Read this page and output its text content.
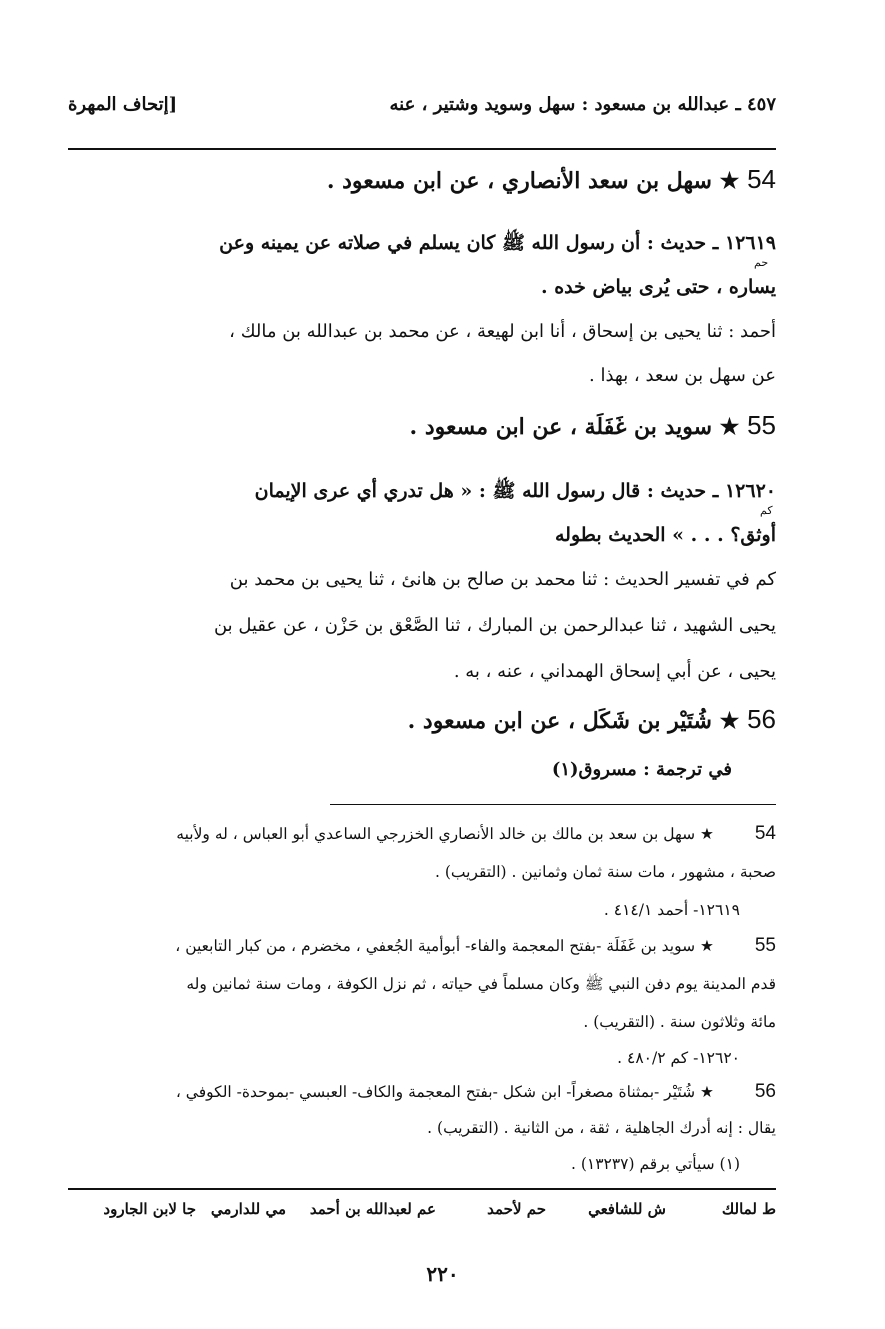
٤٥٧ ـ عبدالله بن مسعود : سهل وسويد وشتير ، عنه
[إتحاف المهرة
54 ★ سهل بن سعد الأنصاري ، عن ابن مسعود .
١٢٦١٩ ـ حديث : أن رسول الله ﷺ كان يسلم في صلاته عن يمينه وعن
حم
يساره ، حتى يُرى بياض خده .
أحمد : ثنا يحيى بن إسحاق ، أنا ابن لهيعة ، عن محمد بن عبدالله بن مالك ،
عن سهل بن سعد ، بهذا .
55 ★ سويد بن غَفَلَة ، عن ابن مسعود .
١٢٦٢٠ ـ حديث : قال رسول الله ﷺ : « هل تدري أي عرى الإيمان
كم
أوثق؟ . . . » الحديث بطوله
كم في تفسير الحديث : ثنا محمد بن صالح بن هانئ ، ثنا يحيى بن محمد بن
يحيى الشهيد ، ثنا عبدالرحمن بن المبارك ، ثنا الصَّعْق بن حَزْن ، عن عقيل بن
يحيى ، عن أبي إسحاق الهمداني ، عنه ، به .
56 ★ شُتَيْر بن شَكَل ، عن ابن مسعود .
في ترجمة : مسروق(١)
54 ★ سهل بن سعد بن مالك بن خالد الأنصاري الخزرجي الساعدي أبو العباس ، له ولأبيه
صحبة ، مشهور ، مات سنة ثمان وثمانين . (التقريب) .
١٢٦١٩- أحمد ٤١٤/١ .
55 ★ سويد بن غَفَلَة -بفتح المعجمة والفاء- أبوأمية الجُعفي ، مخضرم ، من كبار التابعين ،
قدم المدينة يوم دفن النبي ﷺ وكان مسلماً في حياته ، ثم نزل الكوفة ، ومات سنة ثمانين وله
مائة وثلاثون سنة . (التقريب) .
١٢٦٢٠- كم ٤٨٠/٢ .
56 ★ شُتَيْر -بمثناة مصغراً- ابن شكل -بفتح المعجمة والكاف- العبسي -بموحدة- الكوفي ،
يقال : إنه أدرك الجاهلية ، ثقة ، من الثانية . (التقريب) .
(١) سيأتي برقم (١٣٢٣٧) .
ط لمالك
ش للشافعي
حم لأحمد
عم لعبدالله بن أحمد
مي للدارمي
جا لابن الجارود
٢٢٠
